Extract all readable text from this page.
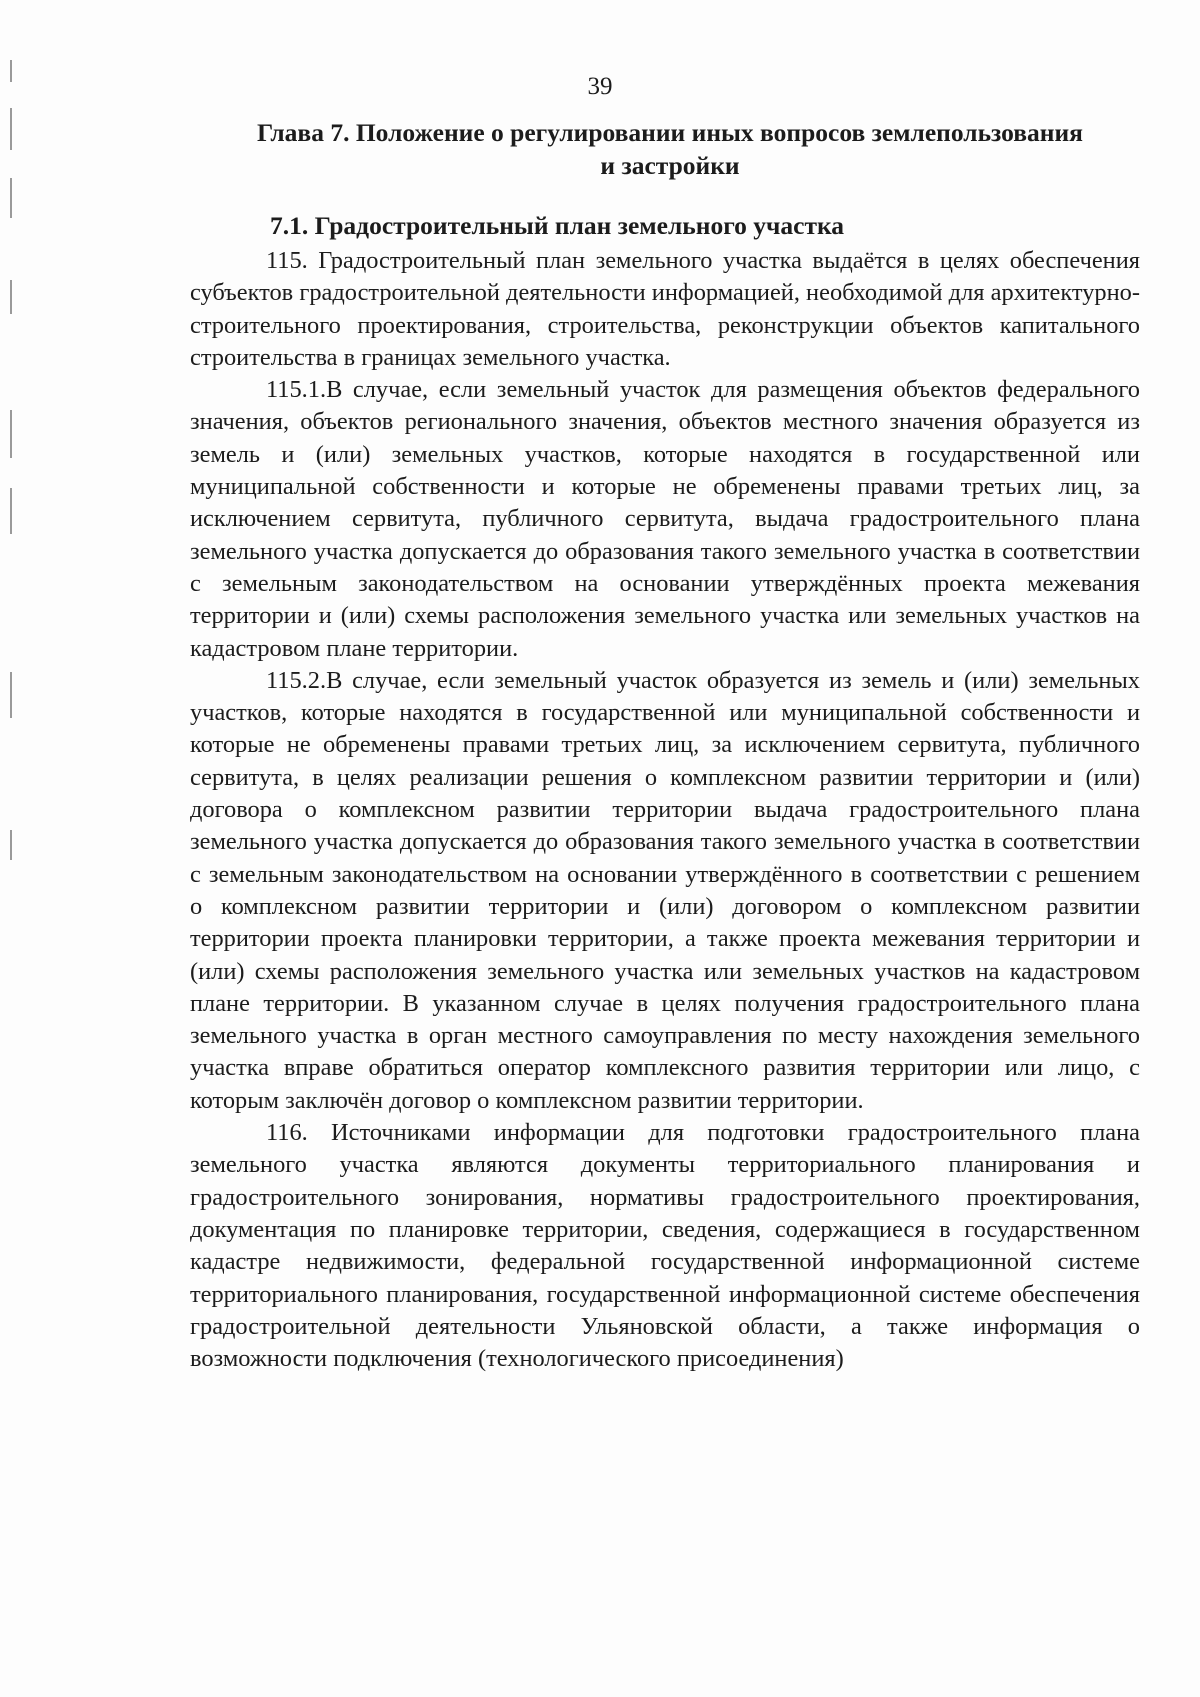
39
Глава 7. Положение о регулировании иных вопросов землепользования
и застройки
7.1. Градостроительный план земельного участка

115. Градостроительный план земельного участка выдаётся в целях обеспечения субъектов градостроительной деятельности информацией, необходимой для архитектурно-строительного проектирования, строительства, реконструкции объектов капитального строительства в границах земельного участка.

115.1.В случае, если земельный участок для размещения объектов федерального значения, объектов регионального значения, объектов местного значения образуется из земель и (или) земельных участков, которые находятся в государственной или муниципальной собственности и которые не обременены правами третьих лиц, за исключением сервитута, публичного сервитута, выдача градостроительного плана земельного участка допускается до образования такого земельного участка в соответствии с земельным законодательством на основании утверждённых проекта межевания территории и (или) схемы расположения земельного участка или земельных участков на кадастровом плане территории.

115.2.В случае, если земельный участок образуется из земель и (или) земельных участков, которые находятся в государственной или муниципальной собственности и которые не обременены правами третьих лиц, за исключением сервитута, публичного сервитута, в целях реализации решения о комплексном развитии территории и (или) договора о комплексном развитии территории выдача градостроительного плана земельного участка допускается до образования такого земельного участка в соответствии с земельным законодательством на основании утверждённого в соответствии с решением о комплексном развитии территории и (или) договором о комплексном развитии территории проекта планировки территории, а также проекта межевания территории и (или) схемы расположения земельного участка или земельных участков на кадастровом плане территории. В указанном случае в целях получения градостроительного плана земельного участка в орган местного самоуправления по месту нахождения земельного участка вправе обратиться оператор комплексного развития территории или лицо, с которым заключён договор о комплексном развитии территории.

116. Источниками информации для подготовки градостроительного плана земельного участка являются документы территориального планирования и градостроительного зонирования, нормативы градостроительного проектирования, документация по планировке территории, сведения, содержащиеся в государственном кадастре недвижимости, федеральной государственной информационной системе территориального планирования, государственной информационной системе обеспечения градостроительной деятельности Ульяновской области, а также информация о возможности подключения (технологического присоединения)
